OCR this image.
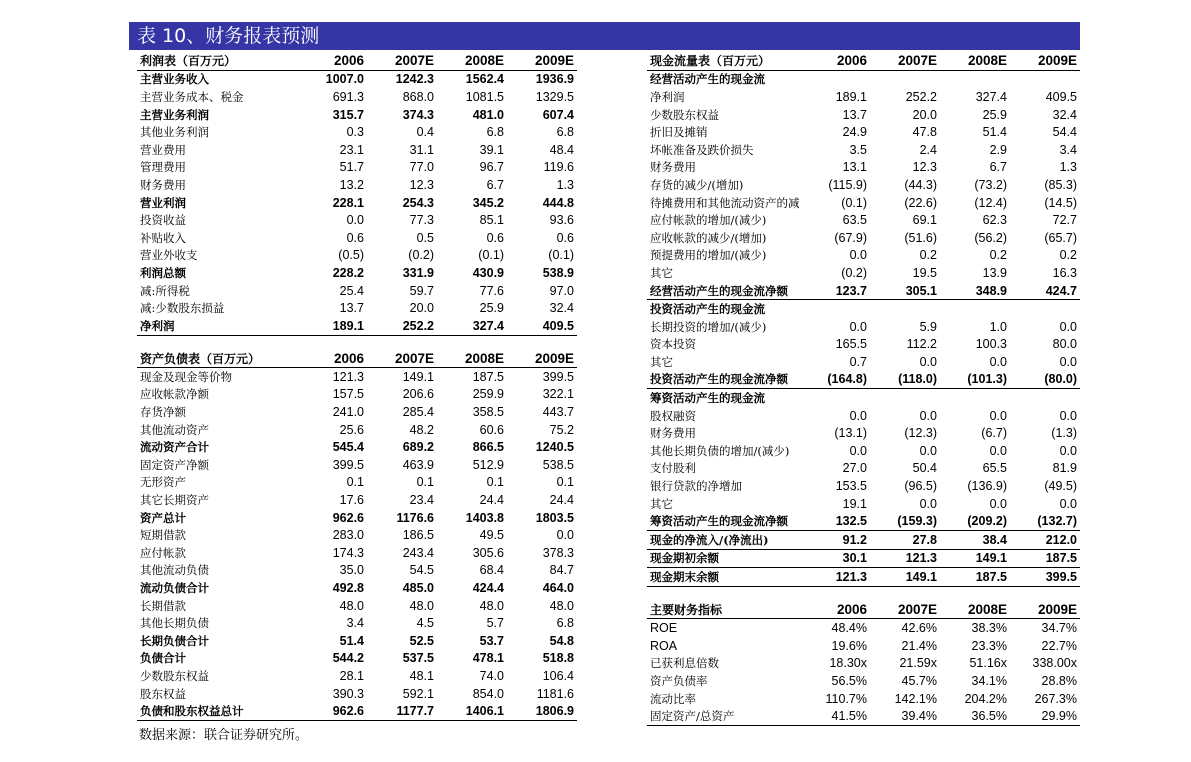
表 10、财务报表预测
利润表（百万元）	2006	2007E	2008E	2009E
主营业务收入	1007.0	1242.3	1562.4	1936.9
主营业务成本、税金	691.3	868.0	1081.5	1329.5
主营业务利润	315.7	374.3	481.0	607.4
其他业务利润	0.3	0.4	6.8	6.8
营业费用	23.1	31.1	39.1	48.4
管理费用	51.7	77.0	96.7	119.6
财务费用	13.2	12.3	6.7	1.3
营业利润	228.1	254.3	345.2	444.8
投资收益	0.0	77.3	85.1	93.6
补贴收入	0.6	0.5	0.6	0.6
营业外收支	(0.5)	(0.2)	(0.1)	(0.1)
利润总额	228.2	331.9	430.9	538.9
减:所得税	25.4	59.7	77.6	97.0
减:少数股东损益	13.7	20.0	25.9	32.4
净利润	189.1	252.2	327.4	409.5

资产负债表（百万元）	2006	2007E	2008E	2009E
现金及现金等价物	121.3	149.1	187.5	399.5
应收帐款净额	157.5	206.6	259.9	322.1
存货净额	241.0	285.4	358.5	443.7
其他流动资产	25.6	48.2	60.6	75.2
流动资产合计	545.4	689.2	866.5	1240.5
固定资产净额	399.5	463.9	512.9	538.5
无形资产	0.1	0.1	0.1	0.1
其它长期资产	17.6	23.4	24.4	24.4
资产总计	962.6	1176.6	1403.8	1803.5
短期借款	283.0	186.5	49.5	0.0
应付帐款	174.3	243.4	305.6	378.3
其他流动负债	35.0	54.5	68.4	84.7
流动负债合计	492.8	485.0	424.4	464.0
长期借款	48.0	48.0	48.0	48.0
其他长期负债	3.4	4.5	5.7	6.8
长期负债合计	51.4	52.5	53.7	54.8
负债合计	544.2	537.5	478.1	518.8
少数股东权益	28.1	48.1	74.0	106.4
股东权益	390.3	592.1	854.0	1181.6
负债和股东权益总计	962.6	1177.7	1406.1	1806.9
现金流量表（百万元）	2006	2007E	2008E	2009E
经营活动产生的现金流				
净利润	189.1	252.2	327.4	409.5
少数股东权益	13.7	20.0	25.9	32.4
折旧及摊销	24.9	47.8	51.4	54.4
坏帐准备及跌价损失	3.5	2.4	2.9	3.4
财务费用	13.1	12.3	6.7	1.3
存货的减少/(增加)	(115.9)	(44.3)	(73.2)	(85.3)
待摊费用和其他流动资产的减	(0.1)	(22.6)	(12.4)	(14.5)
应付帐款的增加/(减少)	63.5	69.1	62.3	72.7
应收帐款的减少/(增加)	(67.9)	(51.6)	(56.2)	(65.7)
预提费用的增加/(减少)	0.0	0.2	0.2	0.2
其它	(0.2)	19.5	13.9	16.3
经营活动产生的现金流净额	123.7	305.1	348.9	424.7
投资活动产生的现金流				
长期投资的增加/(减少)	0.0	5.9	1.0	0.0
资本投资	165.5	112.2	100.3	80.0
其它	0.7	0.0	0.0	0.0
投资活动产生的现金流净额	(164.8)	(118.0)	(101.3)	(80.0)
筹资活动产生的现金流				
股权融资	0.0	0.0	0.0	0.0
财务费用	(13.1)	(12.3)	(6.7)	(1.3)
其他长期负债的增加/(减少)	0.0	0.0	0.0	0.0
支付股利	27.0	50.4	65.5	81.9
银行贷款的净增加	153.5	(96.5)	(136.9)	(49.5)
其它	19.1	0.0	0.0	0.0
筹资活动产生的现金流净额	132.5	(159.3)	(209.2)	(132.7)
现金的净流入/(净流出)	91.2	27.8	38.4	212.0
现金期初余额	30.1	121.3	149.1	187.5
现金期末余额	121.3	149.1	187.5	399.5

主要财务指标	2006	2007E	2008E	2009E
ROE	48.4%	42.6%	38.3%	34.7%
ROA	19.6%	21.4%	23.3%	22.7%
已获利息倍数	18.30x	21.59x	51.16x	338.00x
资产负债率	56.5%	45.7%	34.1%	28.8%
流动比率	110.7%	142.1%	204.2%	267.3%
固定资产/总资产	41.5%	39.4%	36.5%	29.9%
数据来源：联合证券研究所。
